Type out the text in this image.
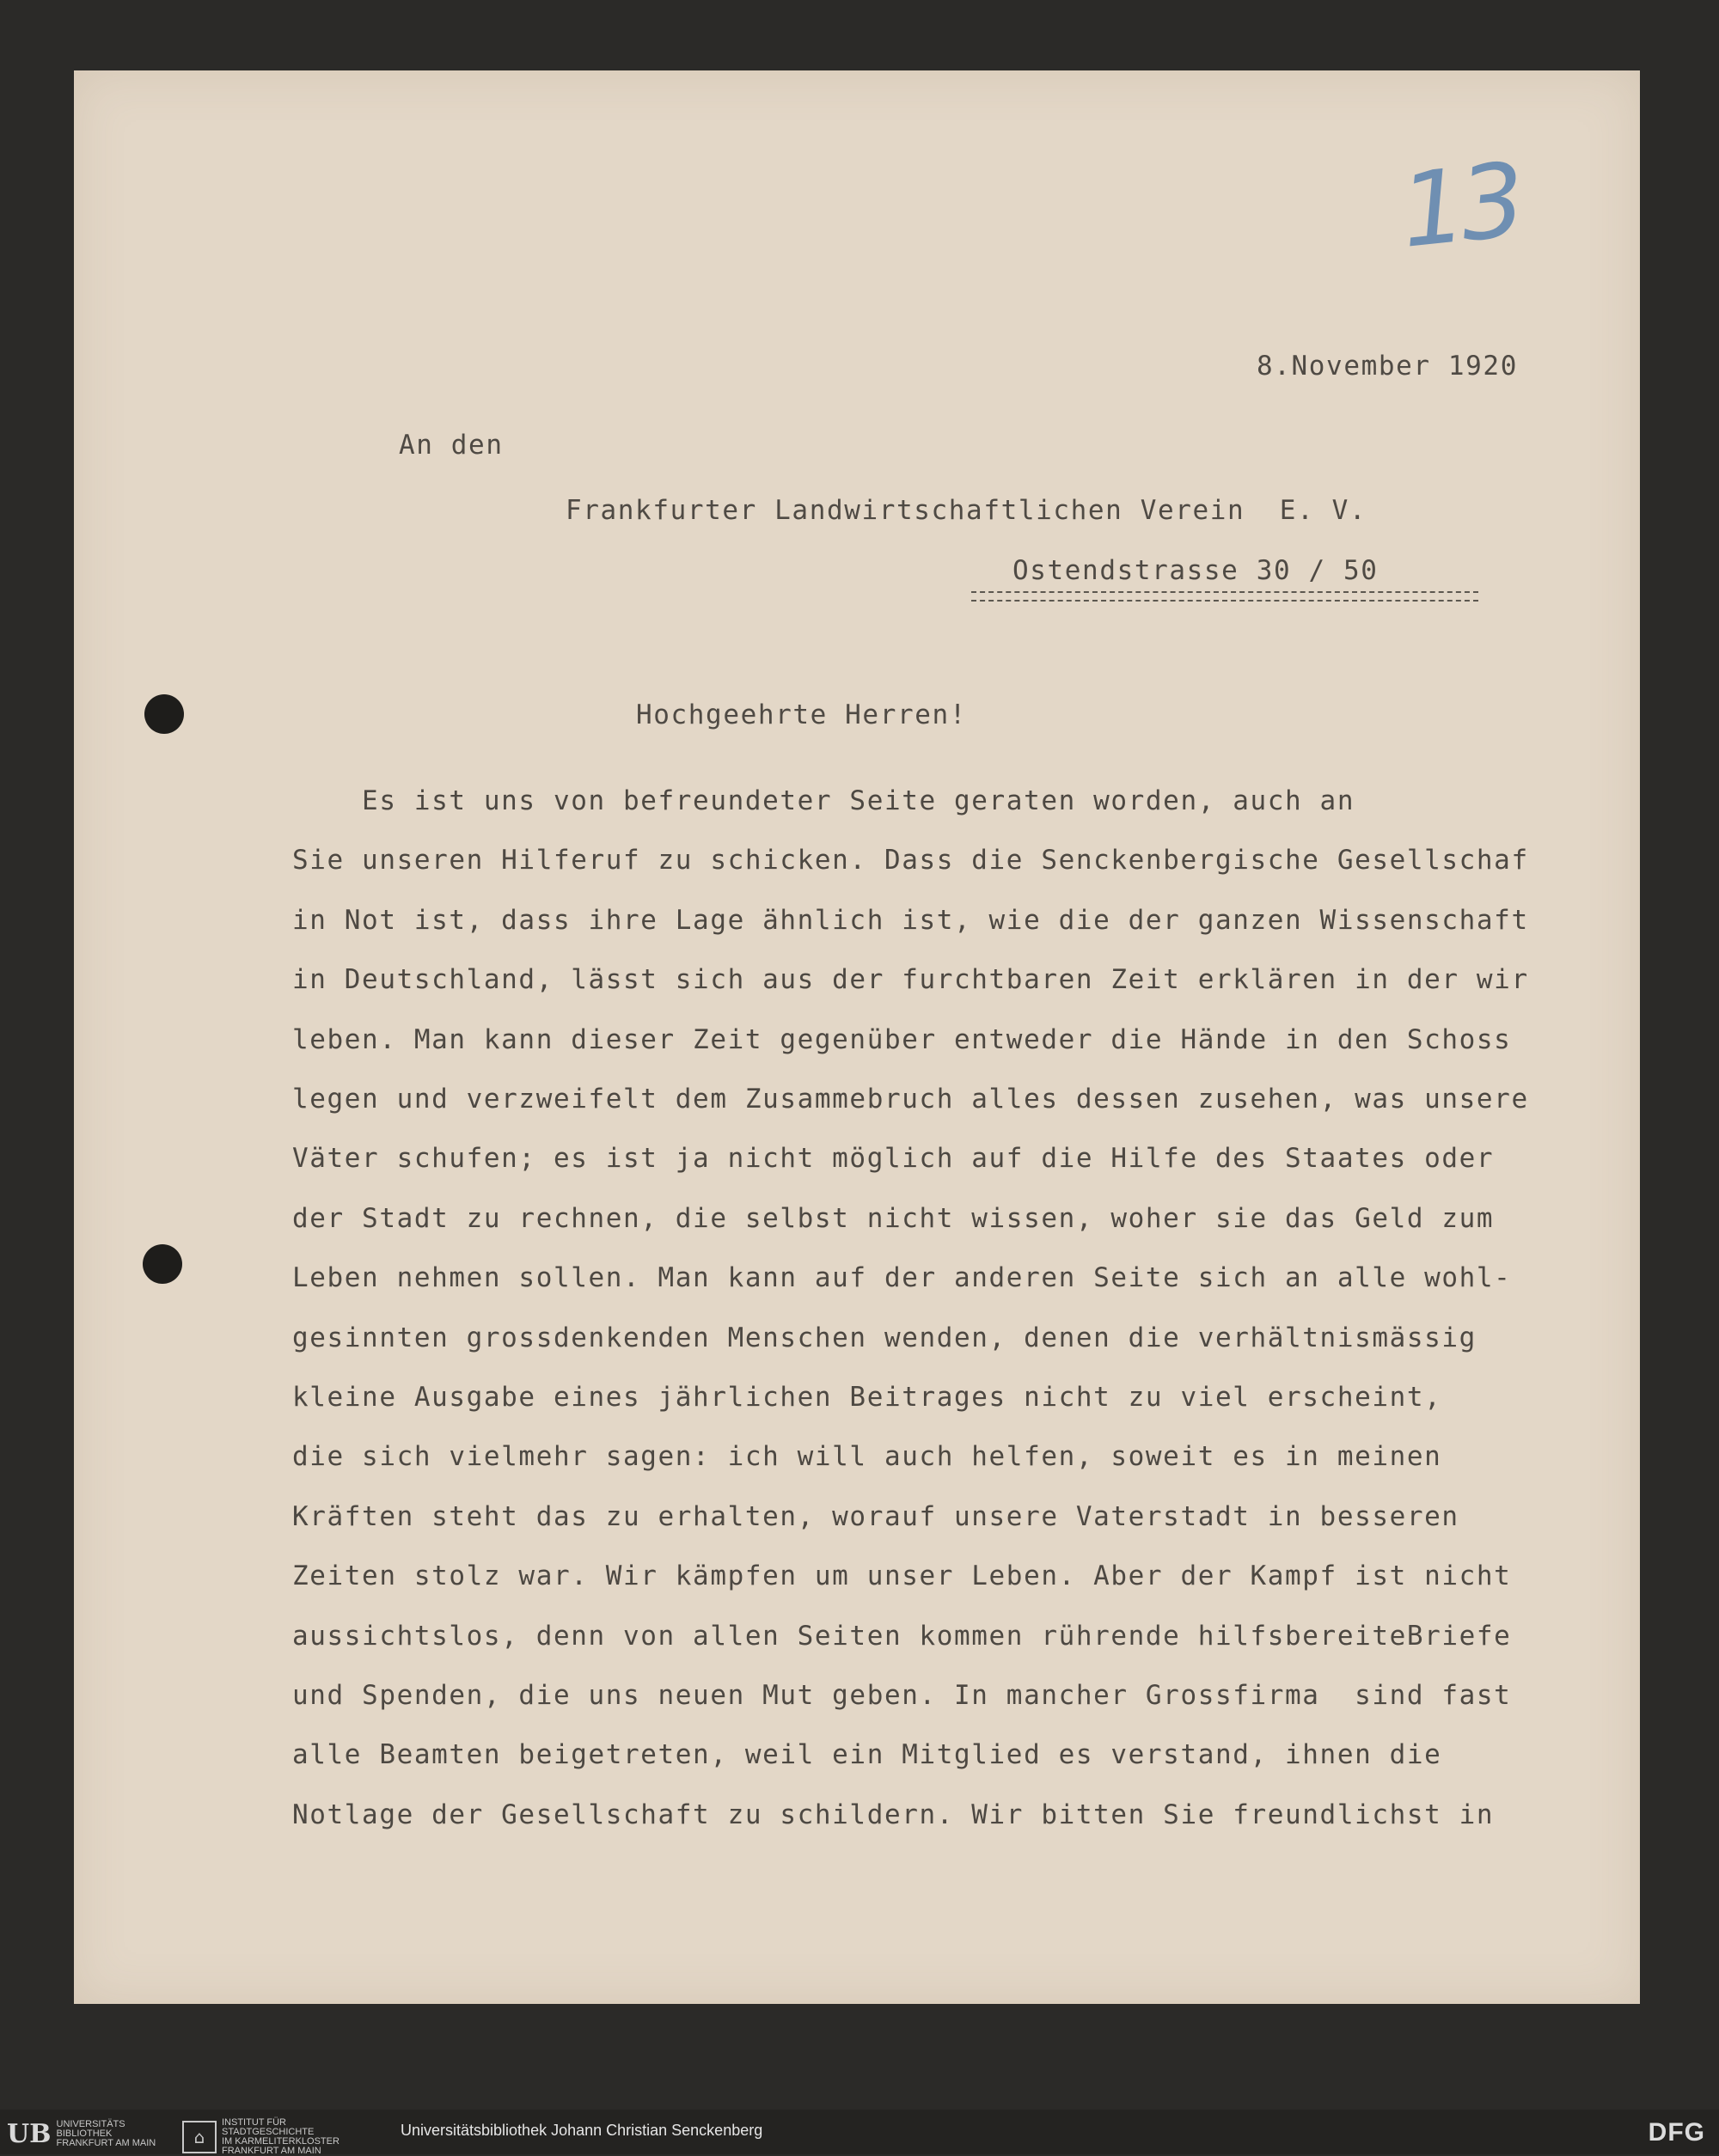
13
8.November 1920
An den
Frankfurter Landwirtschaftlichen Verein  E. V.
Ostendstrasse 30 / 50
Hochgeehrte Herren!
Es ist uns von befreundeter Seite geraten worden, auch an
Sie unseren Hilferuf zu schicken. Dass die Senckenbergische Gesellschaf
in Not ist, dass ihre Lage ähnlich ist, wie die der ganzen Wissenschaft
in Deutschland, lässt sich aus der furchtbaren Zeit erklären in der wir
leben. Man kann dieser Zeit gegenüber entweder die Hände in den Schoss
legen und verzweifelt dem Zusammebruch alles dessen zusehen, was unsere
Väter schufen; es ist ja nicht möglich auf die Hilfe des Staates oder
der Stadt zu rechnen, die selbst nicht wissen, woher sie das Geld zum
Leben nehmen sollen. Man kann auf der anderen Seite sich an alle wohl-
gesinnten grossdenkenden Menschen wenden, denen die verhältnismässig
kleine Ausgabe eines jährlichen Beitrages nicht zu viel erscheint,
die sich vielmehr sagen: ich will auch helfen, soweit es in meinen
Kräften steht das zu erhalten, worauf unsere Vaterstadt in besseren
Zeiten stolz war. Wir kämpfen um unser Leben. Aber der Kampf ist nicht
aussichtslos, denn von allen Seiten kommen rührende hilfsbereiteBriefe
und Spenden, die uns neuen Mut geben. In mancher Grossfirma  sind fast
alle Beamten beigetreten, weil ein Mitglied es verstand, ihnen die
Notlage der Gesellschaft zu schildern. Wir bitten Sie freundlichst in
UB UNIVERSITÄTS
BIBLIOTHEK
FRANKFURT AM MAIN	⌂
INSTITUT FÜR
STADTGESCHICHTE
IM KARMELITERKLOSTER
FRANKFURT AM MAIN
Universitätsbibliothek Johann Christian Senckenberg	DFG
